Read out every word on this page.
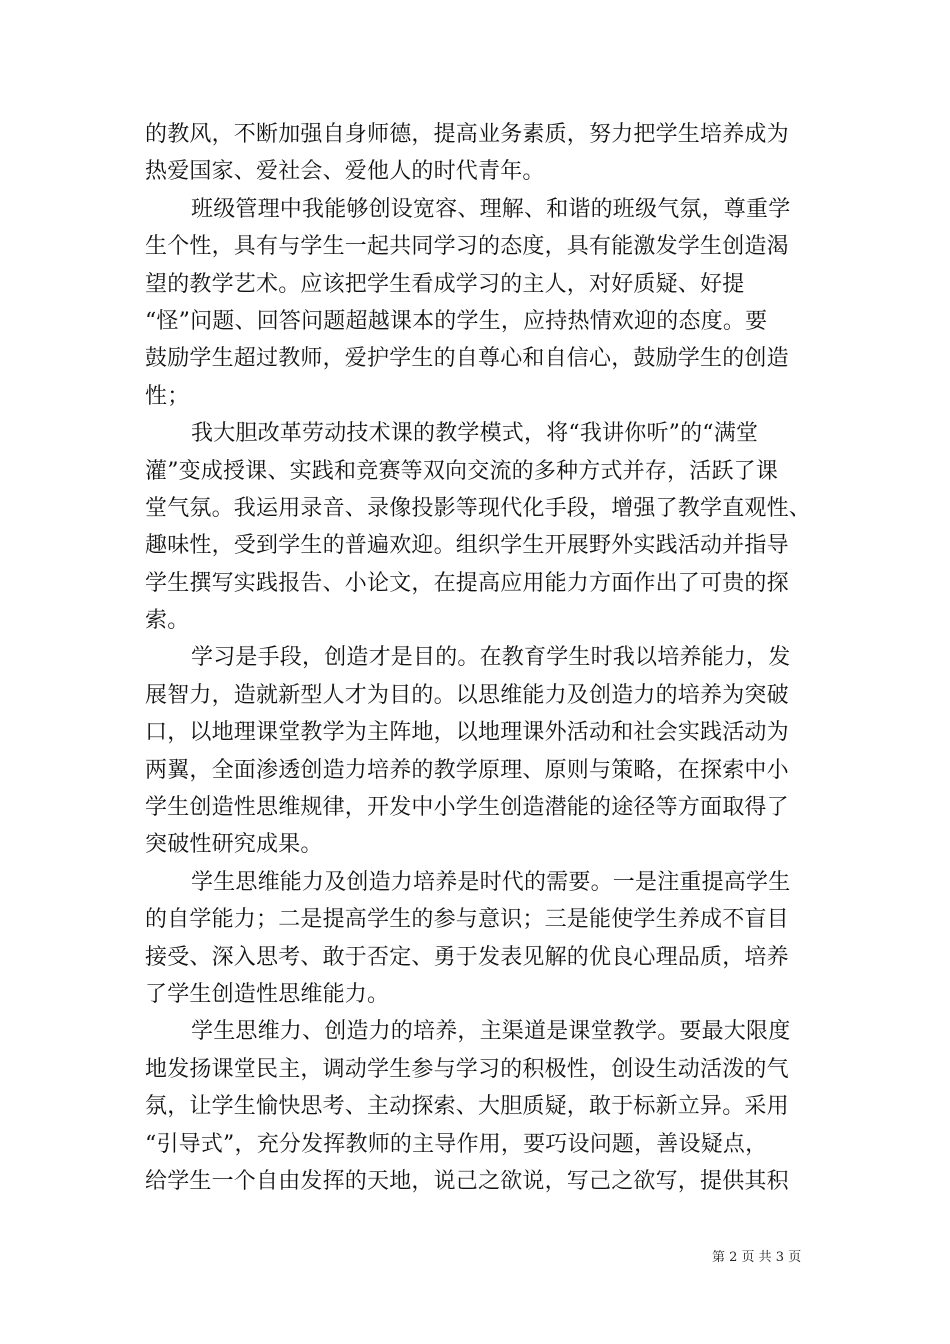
的教风，不断加强自身师德，提高业务素质，努力把学生培养成为
热爱国家、爱社会、爱他人的时代青年。
班级管理中我能够创设宽容、理解、和谐的班级气氛，尊重学
生个性，具有与学生一起共同学习的态度，具有能激发学生创造渴
望的教学艺术。应该把学生看成学习的主人，对好质疑、好提
“怪”问题、回答问题超越课本的学生，应持热情欢迎的态度。要
鼓励学生超过教师，爱护学生的自尊心和自信心，鼓励学生的创造
性；
我大胆改革劳动技术课的教学模式，将“我讲你听”的“满堂
灌”变成授课、实践和竞赛等双向交流的多种方式并存，活跃了课
堂气氛。我运用录音、录像投影等现代化手段，增强了教学直观性、
趣味性，受到学生的普遍欢迎。组织学生开展野外实践活动并指导
学生撰写实践报告、小论文，在提高应用能力方面作出了可贵的探
索。
学习是手段，创造才是目的。在教育学生时我以培养能力，发
展智力，造就新型人才为目的。以思维能力及创造力的培养为突破
口，以地理课堂教学为主阵地，以地理课外活动和社会实践活动为
两翼，全面渗透创造力培养的教学原理、原则与策略，在探索中小
学生创造性思维规律，开发中小学生创造潜能的途径等方面取得了
突破性研究成果。
学生思维能力及创造力培养是时代的需要。一是注重提高学生
的自学能力；二是提高学生的参与意识；三是能使学生养成不盲目
接受、深入思考、敢于否定、勇于发表见解的优良心理品质，培养
了学生创造性思维能力。
学生思维力、创造力的培养，主渠道是课堂教学。要最大限度
地发扬课堂民主，调动学生参与学习的积极性，创设生动活泼的气
氛，让学生愉快思考、主动探索、大胆质疑，敢于标新立异。采用
“引导式”，充分发挥教师的主导作用，要巧设问题，善设疑点，
给学生一个自由发挥的天地，说己之欲说，写己之欲写，提供其积
第 2 页 共 3 页
